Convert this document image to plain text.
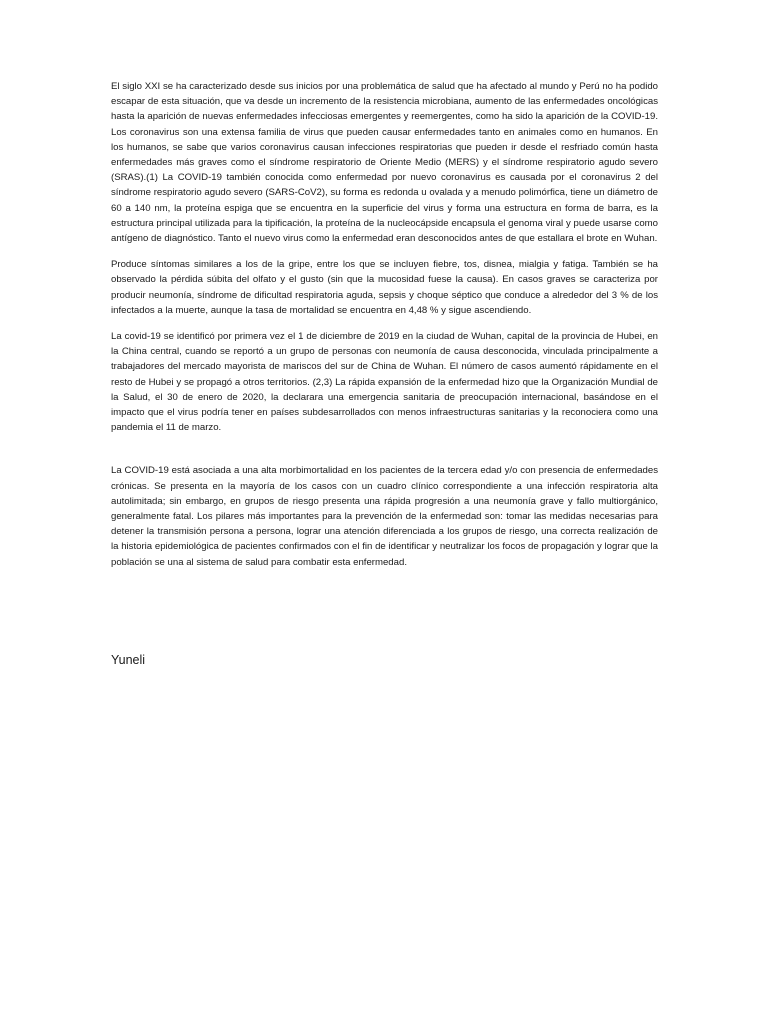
El siglo XXI se ha caracterizado desde sus inicios por una problemática de salud que ha afectado al mundo y Perú no ha podido escapar de esta situación, que va desde un incremento de la resistencia microbiana, aumento de las enfermedades oncológicas hasta la aparición de nuevas enfermedades infecciosas emergentes y reemergentes, como ha sido la aparición de la COVID-19. Los coronavirus son una extensa familia de virus que pueden causar enfermedades tanto en animales como en humanos. En los humanos, se sabe que varios coronavirus causan infecciones respiratorias que pueden ir desde el resfriado común hasta enfermedades más graves como el síndrome respiratorio de Oriente Medio (MERS) y el síndrome respiratorio agudo severo (SRAS).(1) La COVID-19 también conocida como enfermedad por nuevo coronavirus es causada por el coronavirus 2 del síndrome respiratorio agudo severo (SARS-CoV2), su forma es redonda u ovalada y a menudo polimórfica, tiene un diámetro de 60 a 140 nm, la proteína espiga que se encuentra en la superficie del virus y forma una estructura en forma de barra, es la estructura principal utilizada para la tipificación, la proteína de la nucleocápside encapsula el genoma viral y puede usarse como antígeno de diagnóstico. Tanto el nuevo virus como la enfermedad eran desconocidos antes de que estallara el brote en Wuhan.

Produce síntomas similares a los de la gripe, entre los que se incluyen fiebre, tos, disnea, mialgia y fatiga. También se ha observado la pérdida súbita del olfato y el gusto (sin que la mucosidad fuese la causa). En casos graves se caracteriza por producir neumonía, síndrome de dificultad respiratoria aguda, sepsis y choque séptico que conduce a alrededor del 3 % de los infectados a la muerte, aunque la tasa de mortalidad se encuentra en 4,48 % y sigue ascendiendo.

La covid-19 se identificó por primera vez el 1 de diciembre de 2019 en la ciudad de Wuhan, capital de la provincia de Hubei, en la China central, cuando se reportó a un grupo de personas con neumonía de causa desconocida, vinculada principalmente a trabajadores del mercado mayorista de mariscos del sur de China de Wuhan. El número de casos aumentó rápidamente en el resto de Hubei y se propagó a otros territorios. (2,3) La rápida expansión de la enfermedad hizo que la Organización Mundial de la Salud, el 30 de enero de 2020, la declarara una emergencia sanitaria de preocupación internacional, basándose en el impacto que el virus podría tener en países subdesarrollados con menos infraestructuras sanitarias y la reconociera como una pandemia el 11 de marzo.

La COVID-19 está asociada a una alta morbimortalidad en los pacientes de la tercera edad y/o con presencia de enfermedades crónicas. Se presenta en la mayoría de los casos con un cuadro clínico correspondiente a una infección respiratoria alta autolimitada; sin embargo, en grupos de riesgo presenta una rápida progresión a una neumonía grave y fallo multiorgánico, generalmente fatal. Los pilares más importantes para la prevención de la enfermedad son: tomar las medidas necesarias para detener la transmisión persona a persona, lograr una atención diferenciada a los grupos de riesgo, una correcta realización de la historia epidemiológica de pacientes confirmados con el fin de identificar y neutralizar los focos de propagación y lograr que la población se una al sistema de salud para combatir esta enfermedad.

Yuneli
